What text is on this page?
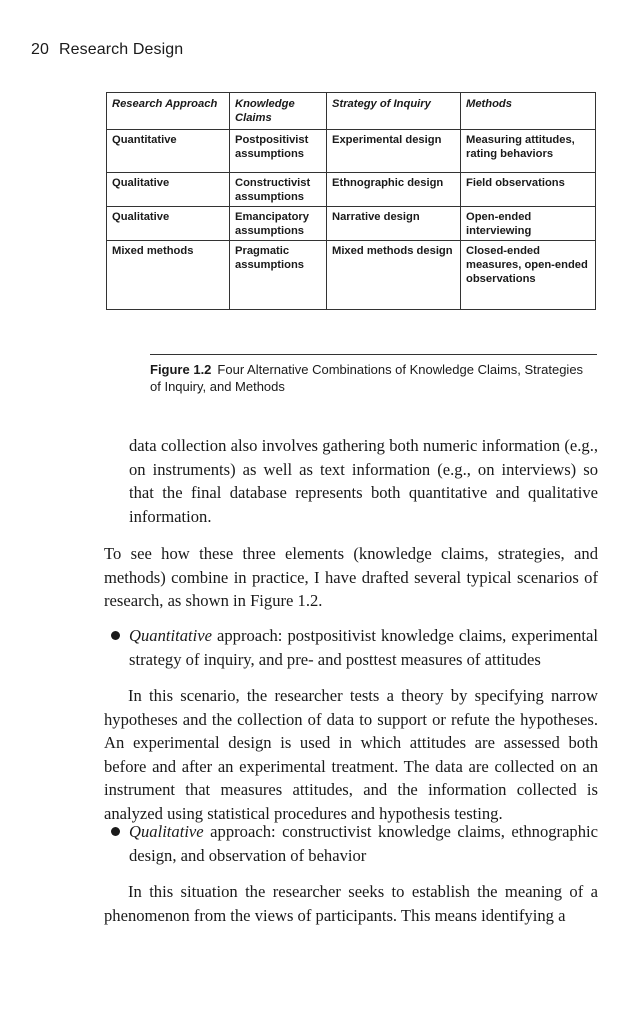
20 Research Design
Research Approach	Knowledge Claims	Strategy of Inquiry	Methods
Quantitative	Postpositivist assumptions	Experimental design	Measuring attitudes, rating behaviors
Qualitative	Constructivist assumptions	Ethnographic design	Field observations
Qualitative	Emancipatory assumptions	Narrative design	Open-ended interviewing
Mixed methods	Pragmatic assumptions	Mixed methods design	Closed-ended measures, open-ended observations
Figure 1.2 Four Alternative Combinations of Knowledge Claims, Strategies of Inquiry, and Methods

data collection also involves gathering both numeric information (e.g., on instruments) as well as text information (e.g., on interviews) so that the final database represents both quantitative and qualitative information.

To see how these three elements (knowledge claims, strategies, and methods) combine in practice, I have drafted several typical scenarios of research, as shown in Figure 1.2.

Quantitative approach: postpositivist knowledge claims, experimental strategy of inquiry, and pre- and posttest measures of attitudes

In this scenario, the researcher tests a theory by specifying narrow hypotheses and the collection of data to support or refute the hypotheses. An experimental design is used in which attitudes are assessed both before and after an experimental treatment. The data are collected on an instrument that measures attitudes, and the information collected is analyzed using statistical procedures and hypothesis testing.

Qualitative approach: constructivist knowledge claims, ethnographic design, and observation of behavior

In this situation the researcher seeks to establish the meaning of a phenomenon from the views of participants. This means identifying a
